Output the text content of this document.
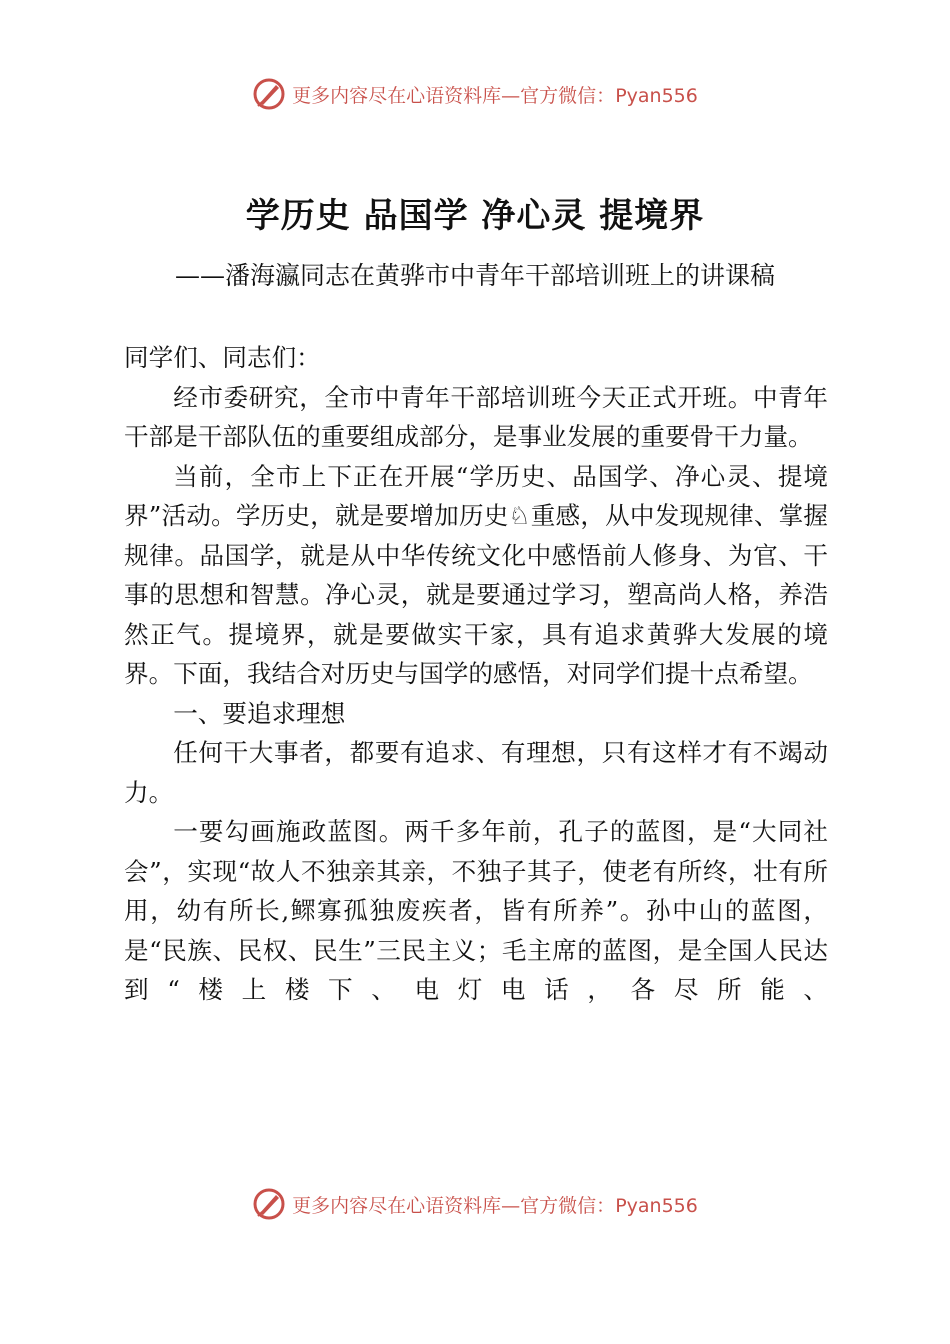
更多内容尽在心语资料库—官方微信：Pyan556
学历史 品国学 净心灵 提境界
——潘海瀛同志在黄骅市中青年干部培训班上的讲课稿

同学们、同志们：

经市委研究，全市中青年干部培训班今天正式开班。中青年干部是干部队伍的重要组成部分，是事业发展的重要骨干力量。

当前，全市上下正在开展“学历史、品国学、净心灵、提境界”活动。学历史，就是要增加历史♘重感，从中发现规律、掌握规律。品国学，就是从中华传统文化中感悟前人修身、为官、干事的思想和智慧。净心灵，就是要通过学习，塑高尚人格，养浩然正气。提境界，就是要做实干家，具有追求黄骅大发展的境界。下面，我结合对历史与国学的感悟，对同学们提十点希望。

一、要追求理想

任何干大事者，都要有追求、有理想，只有这样才有不竭动力。

一要勾画施政蓝图。两千多年前，孔子的蓝图，是“大同社会”，实现“故人不独亲其亲，不独子其子，使老有所终，壮有所用，幼有所长,鳏寡孤独废疾者，皆有所养”。孙中山的蓝图，是“民族、民权、民生”三民主义；毛主席的蓝图，是全国人民达到“楼上楼下、电灯电话，各尽所能、

更多内容尽在心语资料库—官方微信：Pyan556
